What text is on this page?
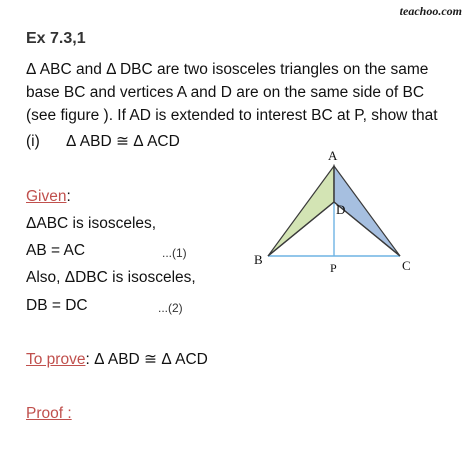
teachoo.com
Ex 7.3,1
Δ ABC and Δ DBC are two isosceles triangles on the same base BC and vertices A and D are on the same side of BC (see figure ). If AD is extended to interest BC at P, show that
(i) Δ ABD ≅ Δ ACD
Given:
ΔABC is isosceles,
AB = AC	...(1)
Also, ΔDBC is isosceles,
DB = DC	...(2)
To prove: Δ ABD ≅ Δ ACD
Proof :
A
B	C
D
P
